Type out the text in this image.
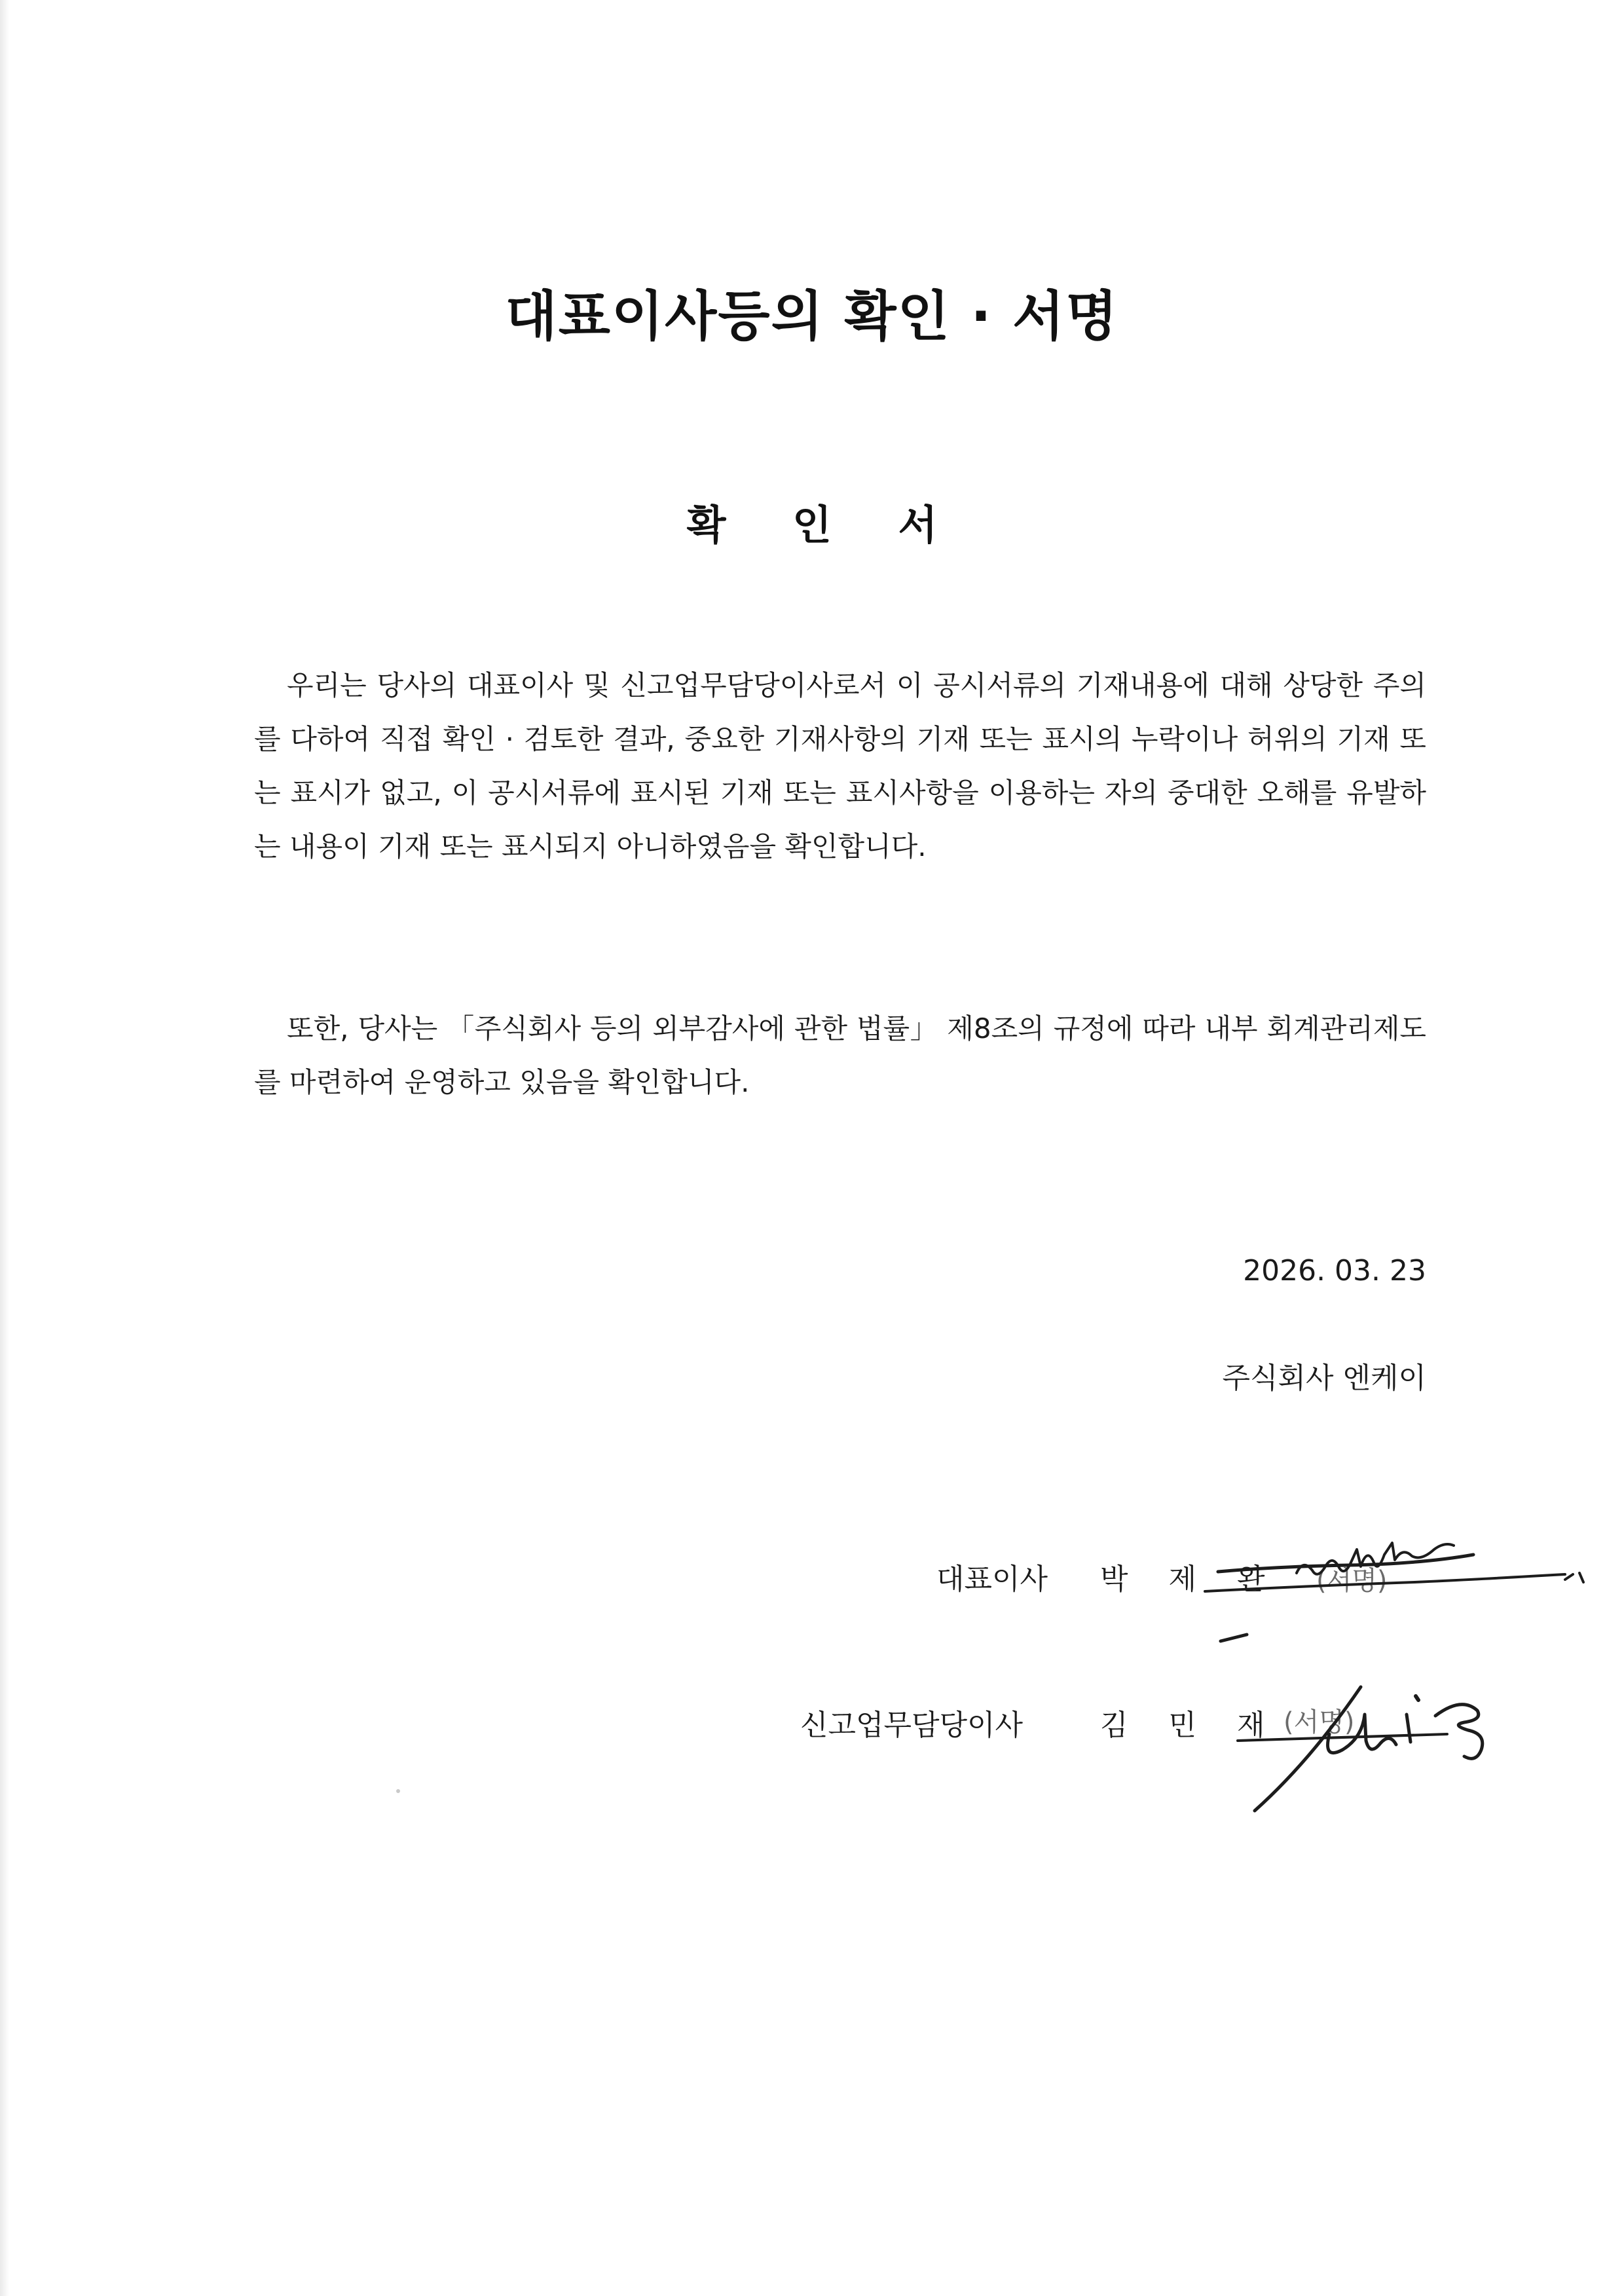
대표이사등의 확인 · 서명
확 인 서
우리는 당사의 대표이사 및 신고업무담당이사로서 이 공시서류의 기재내용에 대해 상당한 주의를 다하여 직접 확인 · 검토한 결과, 중요한 기재사항의 기재 또는 표시의 누락이나 허위의 기재 또는 표시가 없고, 이 공시서류에 표시된 기재 또는 표시사항을 이용하는 자의 중대한 오해를 유발하는 내용이 기재 또는 표시되지 아니하였음을 확인합니다.
또한, 당사는 「주식회사 등의 외부감사에 관한 법률」 제8조의 규정에 따라 내부 회계관리제도를 마련하여 운영하고 있음을 확인합니다.
2026. 03. 23
주식회사 엔케이
대표이사 박 제 완 (서명)
신고업무담당이사	김 민 재 (서명)
